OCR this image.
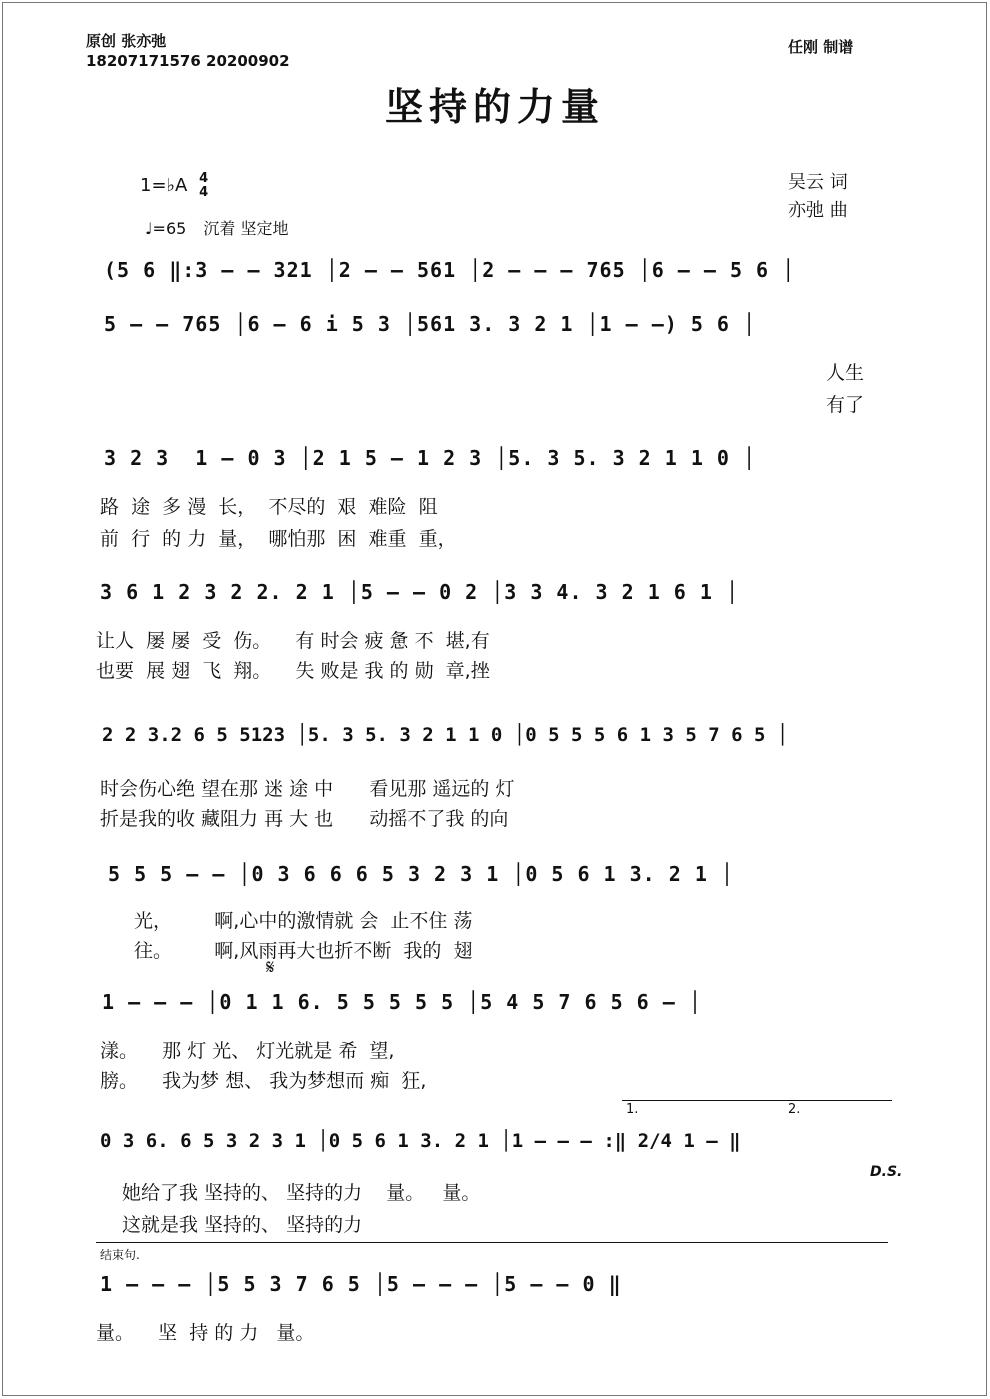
原创 张亦弛
18207171576 20200902
任刚 制谱
坚持的力量
1=♭A 4
4
♩=65 沉着 坚定地
吴云 词
亦弛 曲
(5 6 ‖:3 – – 321 │2 – – 561 │2 – – – 765 │6 – – 5 6 │
5 – – 765 │6 – 6 i 5 3 │561 3. 3 2 1 │1 – –) 5 6 │
人生
有了
3 2 3  1 – 0 3 │2 1 5 – 1 2 3 │5. 3 5. 3 2 1 1 0 │
路  途  多 漫  长，  不尽的  艰  难险  阻
前  行  的 力  量，  哪怕那  困  难重  重，
3 6 1 2 3 2 2. 2 1 │5 – – 0 2 │3 3 4. 3 2 1 6 1 │
让人  屡 屡  受  伤。    有 时会 疲 惫 不  堪,有
也要  展 翅  飞  翔。    失 败是 我 的 勋  章,挫
2 2 3.2 6 5 5123 │5. 3 5. 3 2 1 1 0 │0 5 5 5 6 1 3 5 7 6 5 │
时会伤心绝 望在那 迷 途 中      看见那 遥远的 灯
折是我的收 藏阻力 再 大 也      动摇不了我 的向
5 5 5 – – │0 3 6 6 6 5 3 2 3 1 │0 5 6 1 3. 2 1 │
光，       啊,心中的激情就 会  止不住 荡
往。       啊,风雨再大也折不断  我的  翅
𝄋
1 – – – │0 1 1 6. 5 5 5 5 5 │5 4 5 7 6 5 6 – │
漾。    那 灯 光、 灯光就是 希  望,
膀。    我为梦 想、 我为梦想而 痴  狂,
1.	2.
0 3 6. 6 5 3 2 3 1 │0 5 6 1 3. 2 1 │1 – – – :‖ 2/4 1 – ‖
D.S.
她给了我 坚持的、 坚持的力    量。   量。
这就是我 坚持的、 坚持的力
结束句.
1 – – – │5 5 3 7 6 5 │5 – – – │5 – – 0 ‖
量。    坚  持 的 力   量。
